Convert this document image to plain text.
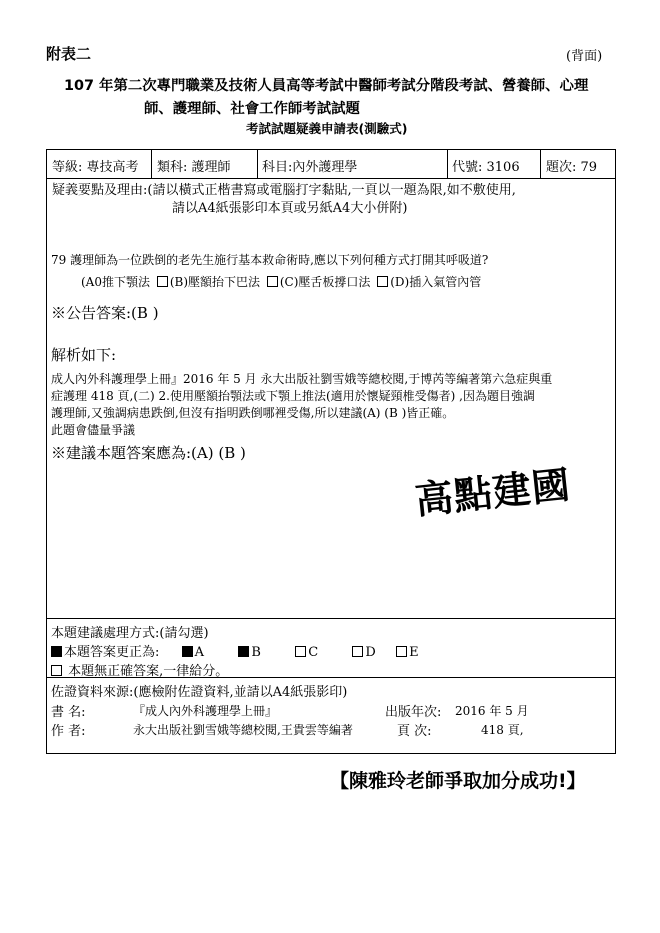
附表二	(背面)
107 年第二次專門職業及技術人員高等考試中醫師考試分階段考試、營養師、心理
師、護理師、社會工作師考試試題
考試試題疑義申請表(測驗式)
等級: 專技高考 類科: 護理師 科目:內外護理學	代號: 3106 題次: 79
疑義要點及理由:(請以橫式正楷書寫或電腦打字黏貼,一頁以一題為限,如不敷使用,
請以A4紙張影印本頁或另紙A4大小併附)
79 護理師為一位跌倒的老先生施行基本救命術時,應以下列何種方式打開其呼吸道?
(A0推下顎法 (B)壓額抬下巴法 (C)壓舌板撐口法 (D)插入氣管內管
※公告答案:(B )
解析如下:
成人內外科護理學上冊』2016 年 5 月 永大出版社劉雪娥等總校閱,于博芮等編著第六急症與重
症護理 418 頁,(二) 2.使用壓額抬顎法或下顎上推法(適用於懷疑頸椎受傷者) ,因為題目強調
護理師,又強調病患跌倒,但沒有指明跌倒哪裡受傷,所以建議(A) (B )皆正確。
此題會儘量爭議
※建議本題答案應為:(A) (B )
本題建議處理方式:(請勾選)
本題答案更正為:	A	B	C	D	E
本題無正確答案,一律給分。
佐證資料來源:(應檢附佐證資料,並請以A4紙張影印)
書 名:	『成人內外科護理學上冊』	出版年次: 2016 年 5 月
作 者:	永大出版社劉雪娥等總校閱,王貴雲等編著	頁 次:	418 頁,
高點建國
【陳雅玲老師爭取加分成功!】
